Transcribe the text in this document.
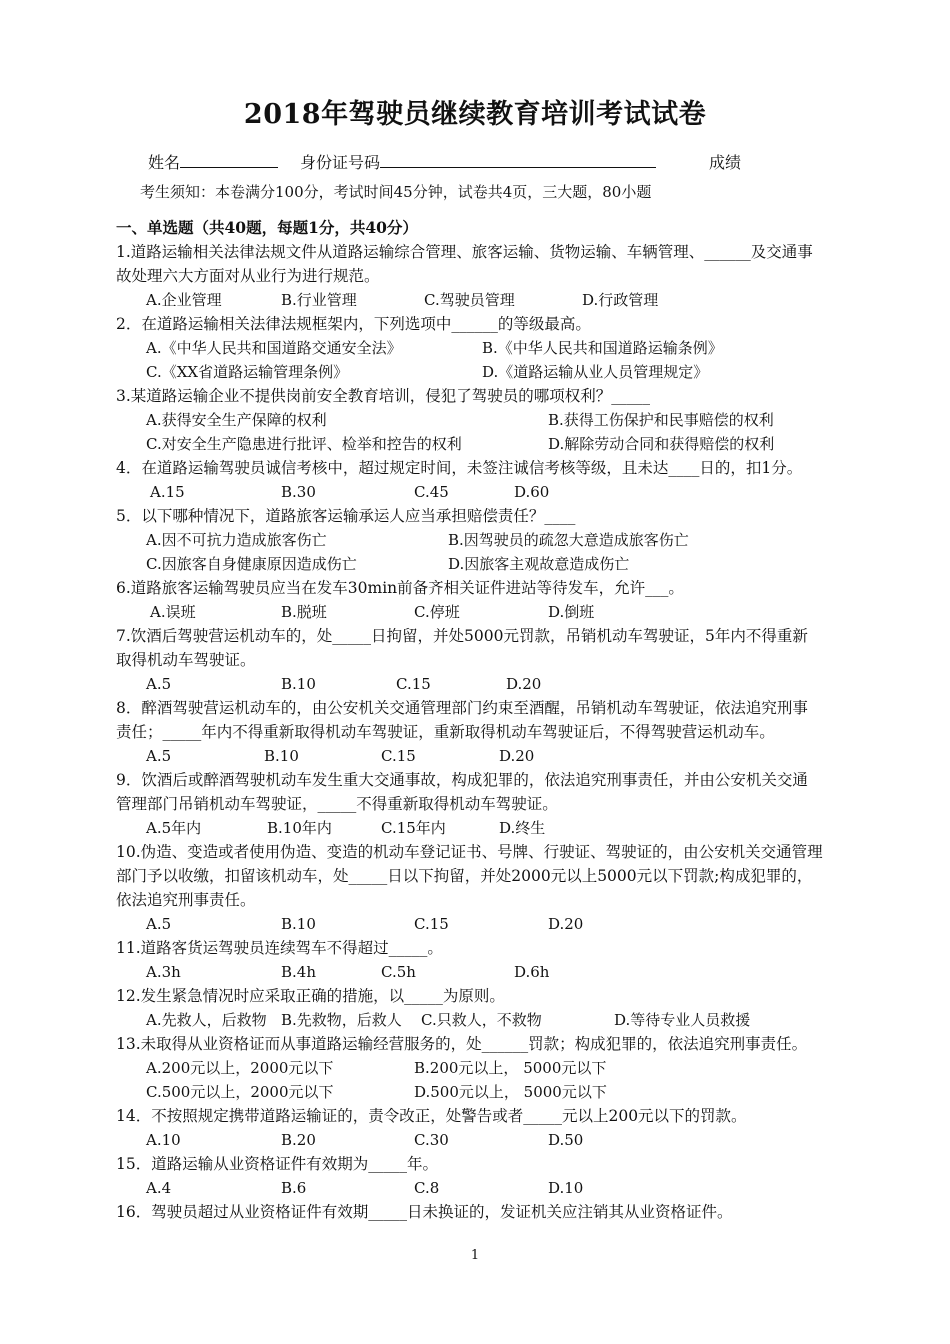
2018年驾驶员继续教育培训考试试卷
姓名	身份证号码	成绩
考生须知：本卷满分100分，考试时间45分钟，试卷共4页，三大题，80小题
一、单选题（共40题，每题1分，共40分）
1.道路运输相关法律法规文件从道路运输综合管理、旅客运输、货物运输、车辆管理、______及交通事
故处理六大方面对从业行为进行规范。
A.企业管理	B.行业管理	C.驾驶员管理	D.行政管理
2．在道路运输相关法律法规框架内，下列选项中______的等级最高。
A.《中华人民共和国道路交通安全法》	B.《中华人民共和国道路运输条例》
C.《XX省道路运输管理条例》	D.《道路运输从业人员管理规定》
3.某道路运输企业不提供岗前安全教育培训，侵犯了驾驶员的哪项权利？_____
A.获得安全生产保障的权利	B.获得工伤保护和民事赔偿的权利
C.对安全生产隐患进行批评、检举和控告的权利	D.解除劳动合同和获得赔偿的权利
4．在道路运输驾驶员诚信考核中，超过规定时间，未签注诚信考核等级，且未达____日的，扣1分。
A.15	B.30	C.45	D.60
5．以下哪种情况下，道路旅客运输承运人应当承担赔偿责任？____
A.因不可抗力造成旅客伤亡	B.因驾驶员的疏忽大意造成旅客伤亡
C.因旅客自身健康原因造成伤亡	D.因旅客主观故意造成伤亡
6.道路旅客运输驾驶员应当在发车30min前备齐相关证件进站等待发车，允许___。
A.误班	B.脱班	C.停班	D.倒班
7.饮酒后驾驶营运机动车的，处_____日拘留，并处5000元罚款，吊销机动车驾驶证，5年内不得重新
取得机动车驾驶证。
A.5	B.10	C.15	D.20
8．醉酒驾驶营运机动车的，由公安机关交通管理部门约束至酒醒，吊销机动车驾驶证，依法追究刑事
责任；_____年内不得重新取得机动车驾驶证，重新取得机动车驾驶证后，不得驾驶营运机动车。
A.5	B.10	C.15	D.20
9．饮酒后或醉酒驾驶机动车发生重大交通事故，构成犯罪的，依法追究刑事责任，并由公安机关交通
管理部门吊销机动车驾驶证，_____不得重新取得机动车驾驶证。
A.5年内	B.10年内	C.15年内	D.终生
10.伪造、变造或者使用伪造、变造的机动车登记证书、号牌、行驶证、驾驶证的，由公安机关交通管理
部门予以收缴，扣留该机动车，处_____日以下拘留，并处2000元以上5000元以下罚款;构成犯罪的，
依法追究刑事责任。
A.5	B.10	C.15	D.20
11.道路客货运驾驶员连续驾车不得超过_____。
A.3h	B.4h	C.5h	D.6h
12.发生紧急情况时应采取正确的措施，以_____为原则。
A.先救人，后救物 B.先救物，后救人 C.只救人，不救物	D.等待专业人员救援
13.未取得从业资格证而从事道路运输经营服务的，处______罚款；构成犯罪的，依法追究刑事责任。
A.200元以上，2000元以下	B.200元以上， 5000元以下
C.500元以上，2000元以下	D.500元以上， 5000元以下
14．不按照规定携带道路运输证的，责令改正，处警告或者_____元以上200元以下的罚款。
A.10	B.20	C.30	D.50
15．道路运输从业资格证件有效期为_____年。
A.4	B.6	C.8	D.10
16．驾驶员超过从业资格证件有效期_____日未换证的，发证机关应注销其从业资格证件。
1
